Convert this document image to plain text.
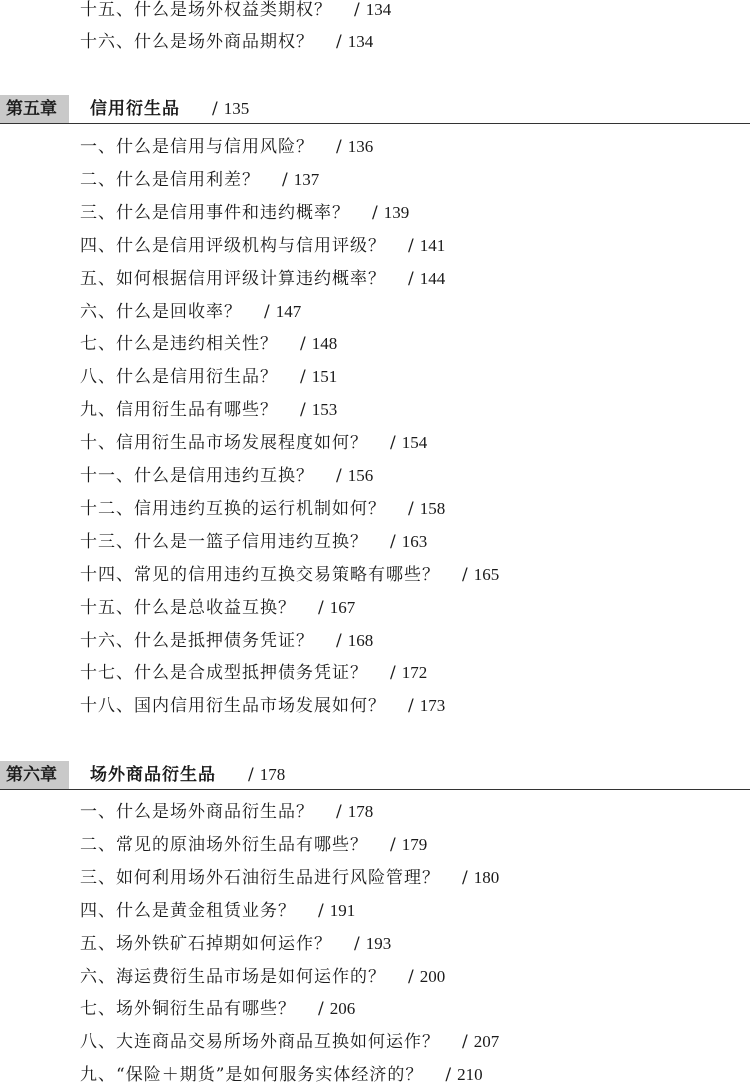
十五、什么是场外权益类期权？ / 134
十六、什么是场外商品期权？ / 134
第五章	信用衍生品 / 135
一、什么是信用与信用风险？ / 136
二、什么是信用利差？ / 137
三、什么是信用事件和违约概率？ / 139
四、什么是信用评级机构与信用评级？ / 141
五、如何根据信用评级计算违约概率？ / 144
六、什么是回收率？ / 147
七、什么是违约相关性？ / 148
八、什么是信用衍生品？ / 151
九、信用衍生品有哪些？ / 153
十、信用衍生品市场发展程度如何？ / 154
十一、什么是信用违约互换？ / 156
十二、信用违约互换的运行机制如何？ / 158
十三、什么是一篮子信用违约互换？ / 163
十四、常见的信用违约互换交易策略有哪些？ / 165
十五、什么是总收益互换？ / 167
十六、什么是抵押债务凭证？ / 168
十七、什么是合成型抵押债务凭证？ / 172
十八、国内信用衍生品市场发展如何？ / 173
第六章	场外商品衍生品 / 178
一、什么是场外商品衍生品？ / 178
二、常见的原油场外衍生品有哪些？ / 179
三、如何利用场外石油衍生品进行风险管理？ / 180
四、什么是黄金租赁业务？ / 191
五、场外铁矿石掉期如何运作？ / 193
六、海运费衍生品市场是如何运作的？ / 200
七、场外铜衍生品有哪些？ / 206
八、大连商品交易所场外商品互换如何运作？ / 207
九、“保险＋期货”是如何服务实体经济的？ / 210
